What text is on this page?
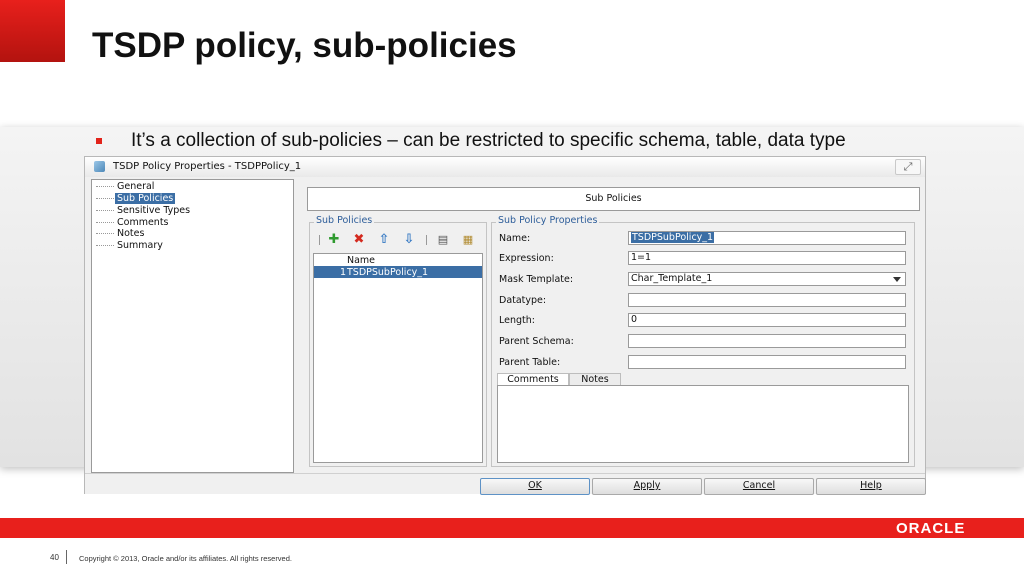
TSDP policy, sub-policies
It’s a collection of sub-policies – can be restricted to specific schema, table, data type
TSDP Policy Properties - TSDPPolicy_1	⤢
General
Sub Policies
Sensitive Types
Comments
Notes
Summary
Sub Policies
Sub Policies
✚ ✖ ⇧ ⇩ ▤ ▦
Name
1 TSDPSubPolicy_1
Sub Policy Properties
Name:	TSDPSubPolicy_1
Expression:	1=1
Mask Template:	Char_Template_1
Datatype:
Length:	0
Parent Schema:
Parent Table:
Comments	Notes
OK	Apply	Cancel	Help
ORACLE
40	Copyright © 2013, Oracle and/or its affiliates. All rights reserved.
